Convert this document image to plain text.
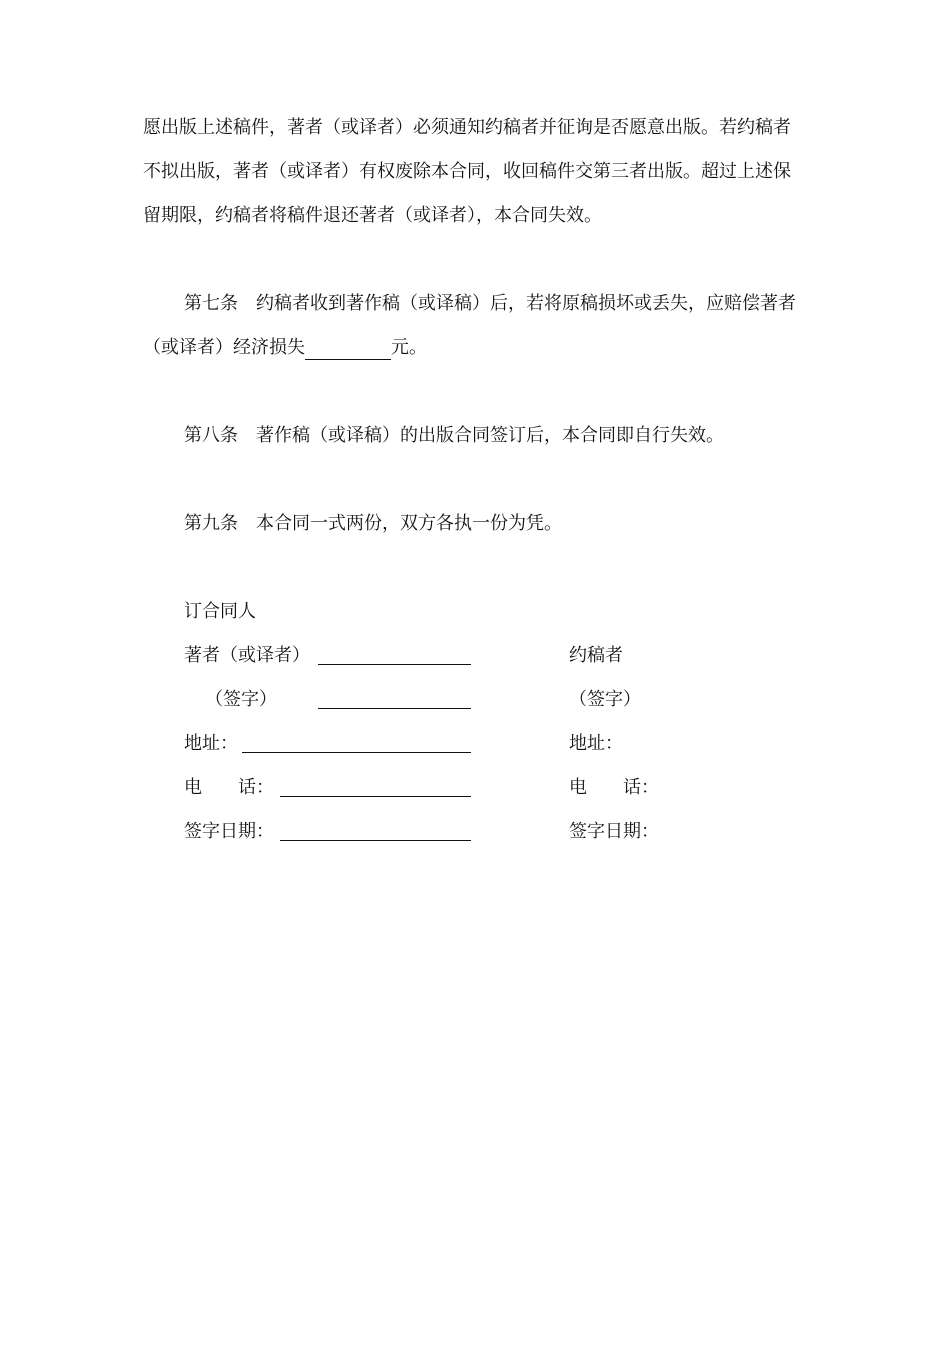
愿出版上述稿件，著者（或译者）必须通知约稿者并征询是否愿意出版。若约稿者
不拟出版，著者（或译者）有权废除本合同，收回稿件交第三者出版。超过上述保
留期限，约稿者将稿件退还著者（或译者），本合同失效。
第七条　约稿者收到著作稿（或译稿）后，若将原稿损坏或丢失，应赔偿著者
（或译者）经济损失	元。
第八条　著作稿（或译稿）的出版合同签订后，本合同即自行失效。
第九条　本合同一式两份，双方各执一份为凭。
订合同人
著者（或译者）
（签字）
地址：
电　　话：
签字日期：
约稿者
（签字）
地址：
电　　话：
签字日期：
